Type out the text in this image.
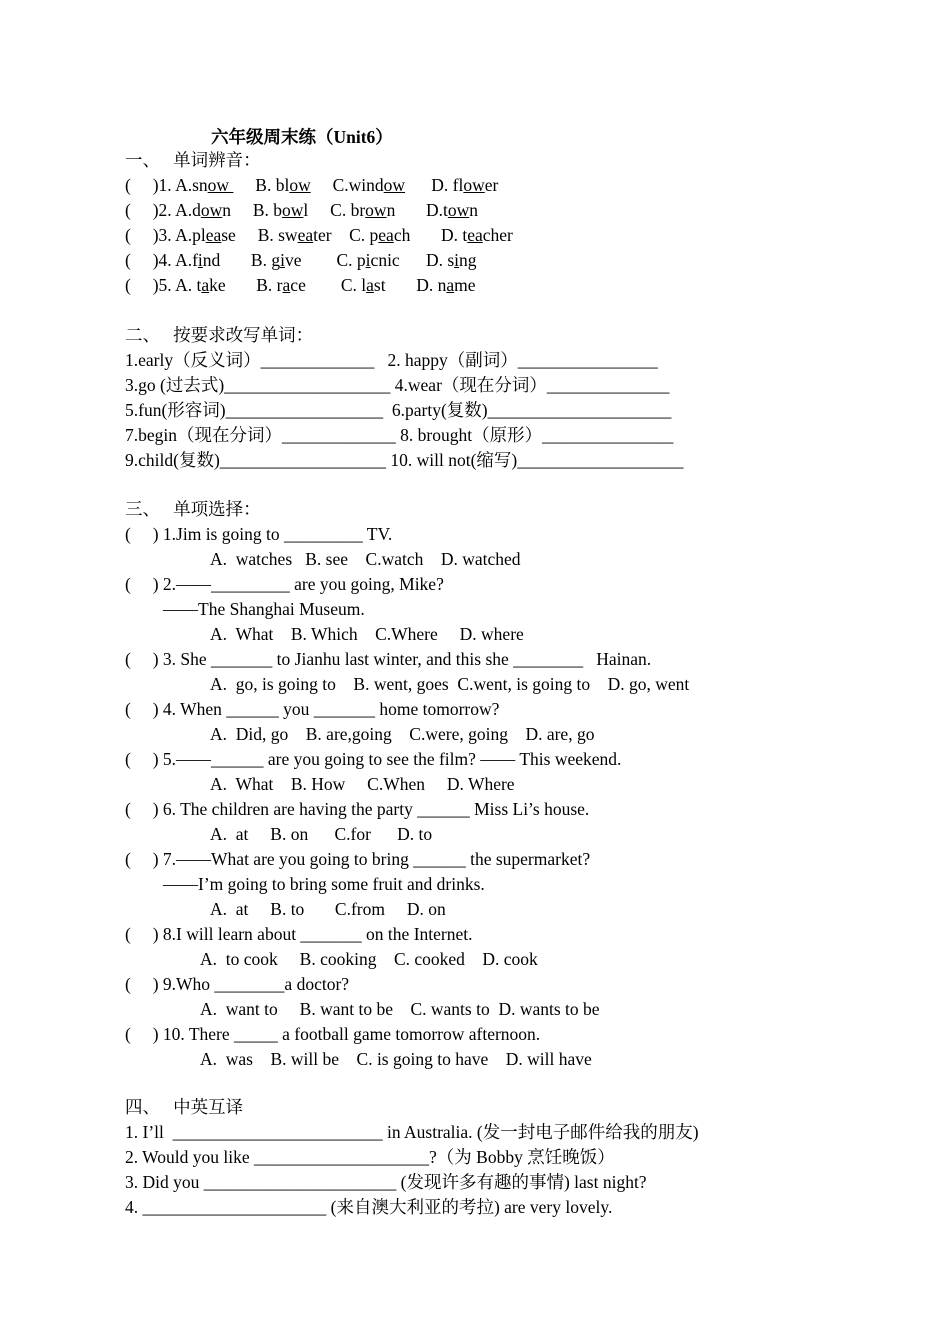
六年级周末练（Unit6）
一、   单词辨音：
(     )1. A.snow      B. blow     C.window      D. flower
(     )2. A.down     B. bowl     C. brown       D.town
(     )3. A.please     B. sweater    C. peach       D. teacher
(     )4. A.find       B. give        C. picnic      D. sing
(     )5. A. take       B. race        C. last       D. name
二、   按要求改写单词：
1.early（反义词）_____________   2. happy（副词）________________
3.go (过去式)___________________ 4.wear（现在分词）______________
5.fun(形容词)__________________  6.party(复数)_____________________
7.begin（现在分词）_____________ 8. brought（原形）_______________
9.child(复数)___________________ 10. will not(缩写)___________________
三、   单项选择：
(     ) 1.Jim is going to _________ TV.
A.  watches   B. see    C.watch    D. watched
(     ) 2.——_________ are you going, Mike?
——The Shanghai Museum.
A.  What    B. Which    C.Where     D. where
(     ) 3. She _______ to Jianhu last winter, and this she ________   Hainan.
A.  go, is going to    B. went, goes  C.went, is going to    D. go, went
(     ) 4. When ______ you _______ home tomorrow?
A.  Did, go    B. are,going    C.were, going    D. are, go
(     ) 5.——______ are you going to see the film? —— This weekend.
A.  What    B. How     C.When     D. Where
(     ) 6. The children are having the party ______ Miss Li’s house.
A.  at     B. on      C.for      D. to
(     ) 7.——What are you going to bring ______ the supermarket?
——I’m going to bring some fruit and drinks.
A.  at     B. to       C.from     D. on
(     ) 8.I will learn about _______ on the Internet.
A.  to cook     B. cooking    C. cooked    D. cook
(     ) 9.Who ________a doctor?
A.  want to     B. want to be    C. wants to  D. wants to be
(     ) 10. There _____ a football game tomorrow afternoon.
A.  was    B. will be    C. is going to have    D. will have
四、   中英互译
1. I’ll  ________________________ in Australia. (发一封电子邮件给我的朋友)
2. Would you like ____________________?（为 Bobby 烹饪晚饭）
3. Did you ______________________ (发现许多有趣的事情) last night?
4. _____________________ (来自澳大利亚的考拉) are very lovely.
